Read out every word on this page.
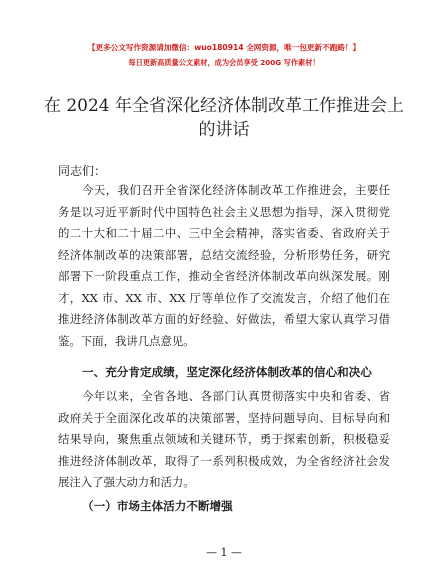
【更多公文写作资源请加微信：wuo180914 全网资源，唯一包更新不跑路！】
每日更新高质量公文素材，成为会员享受 200G 写作素材！
在 2024 年全省深化经济体制改革工作推进会上
的讲话
同志们：
今天，我们召开全省深化经济体制改革工作推进会，主要任
务是以习近平新时代中国特色社会主义思想为指导，深入贯彻党
的二十大和二十届二中、三中全会精神，落实省委、省政府关于
经济体制改革的决策部署，总结交流经验，分析形势任务，研究
部署下一阶段重点工作，推动全省经济体制改革向纵深发展。刚
才，XX 市、XX 市、XX 厅等单位作了交流发言，介绍了他们在
推进经济体制改革方面的好经验、好做法，希望大家认真学习借
鉴。下面，我讲几点意见。
一、充分肯定成绩，坚定深化经济体制改革的信心和决心
今年以来，全省各地、各部门认真贯彻落实中央和省委、省
政府关于全面深化改革的决策部署，坚持问题导向、目标导向和
结果导向，聚焦重点领域和关键环节，勇于探索创新，积极稳妥
推进经济体制改革，取得了一系列积极成效，为全省经济社会发
展注入了强大动力和活力。
（一）市场主体活力不断增强
— 1 —
